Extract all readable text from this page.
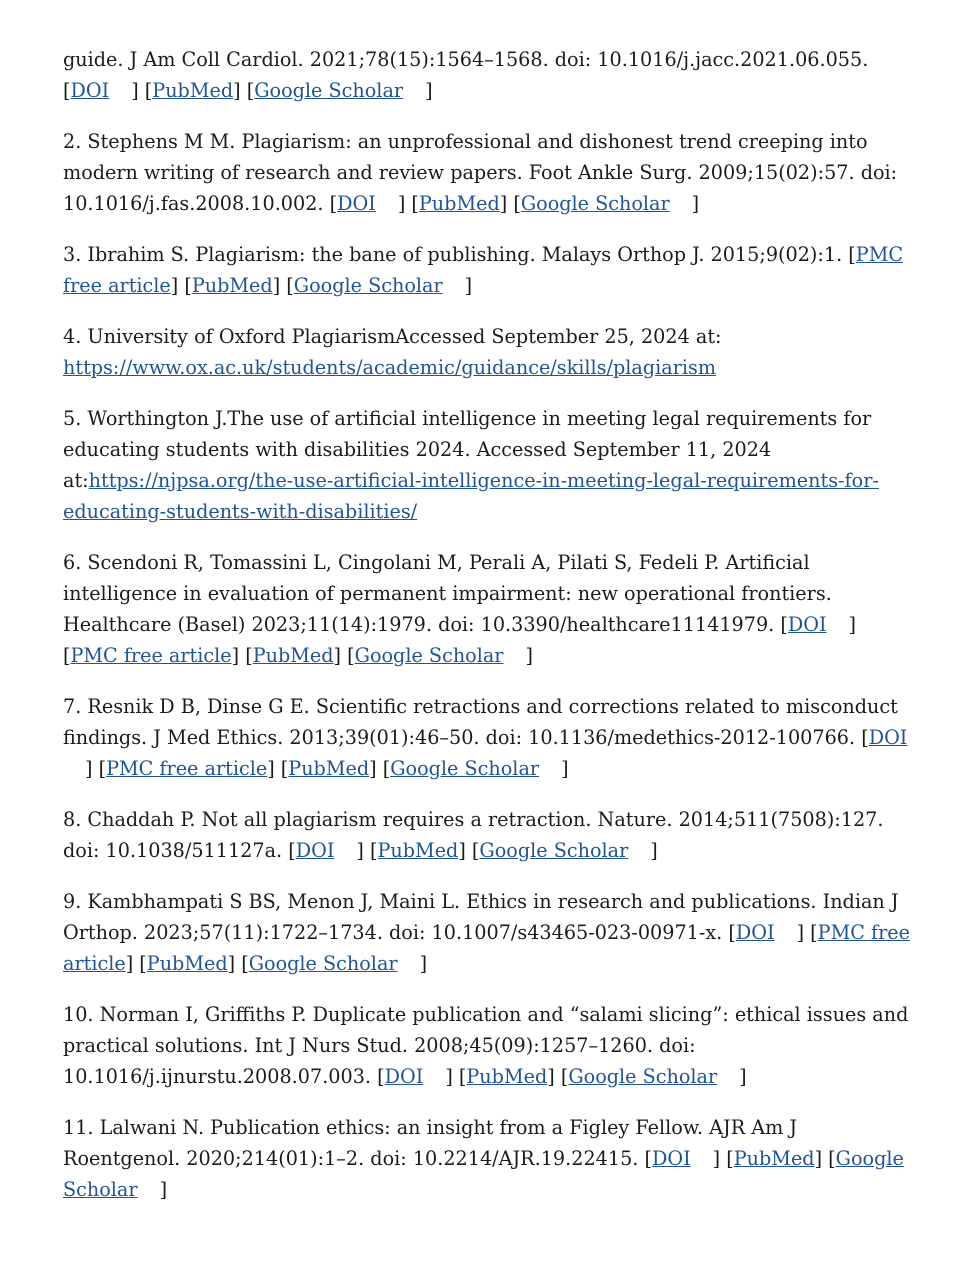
guide. J Am Coll Cardiol. 2021;78(15):1564–1568. doi: 10.1016/j.jacc.2021.06.055. [DOI ] [PubMed] [Google Scholar ]

2. Stephens M M. Plagiarism: an unprofessional and dishonest trend creeping into modern writing of research and review papers. Foot Ankle Surg. 2009;15(02):57. doi: 10.1016/j.fas.2008.10.002. [DOI ] [PubMed] [Google Scholar ]

3. Ibrahim S. Plagiarism: the bane of publishing. Malays Orthop J. 2015;9(02):1. [PMC free article] [PubMed] [Google Scholar ]

4. University of Oxford PlagiarismAccessed September 25, 2024 at:
https://www.ox.ac.uk/students/academic/guidance/skills/plagiarism

5. Worthington J.The use of artificial intelligence in meeting legal requirements for educating students with disabilities 2024. Accessed September 11, 2024 at:https://njpsa.org/the-use-artificial-intelligence-in-meeting-legal-requirements-for-educating-students-with-disabilities/

6. Scendoni R, Tomassini L, Cingolani M, Perali A, Pilati S, Fedeli P. Artificial intelligence in evaluation of permanent impairment: new operational frontiers. Healthcare (Basel) 2023;11(14):1979. doi: 10.3390/healthcare11141979. [DOI ] [PMC free article] [PubMed] [Google Scholar ]

7. Resnik D B, Dinse G E. Scientific retractions and corrections related to misconduct findings. J Med Ethics. 2013;39(01):46–50. doi: 10.1136/medethics-2012-100766. [DOI] [PMC free article] [PubMed] [Google Scholar ]

8. Chaddah P. Not all plagiarism requires a retraction. Nature. 2014;511(7508):127. doi: 10.1038/511127a. [DOI ] [PubMed] [Google Scholar ]

9. Kambhampati S BS, Menon J, Maini L. Ethics in research and publications. Indian J Orthop. 2023;57(11):1722–1734. doi: 10.1007/s43465-023-00971-x. [DOI ] [PMC free article] [PubMed] [Google Scholar ]

10. Norman I, Griffiths P. Duplicate publication and “salami slicing”: ethical issues and practical solutions. Int J Nurs Stud. 2008;45(09):1257–1260. doi: 10.1016/j.ijnurstu.2008.07.003. [DOI ] [PubMed] [Google Scholar ]

11. Lalwani N. Publication ethics: an insight from a Figley Fellow. AJR Am J Roentgenol. 2020;214(01):1–2. doi: 10.2214/AJR.19.22415. [DOI ] [PubMed] [Google Scholar ]
